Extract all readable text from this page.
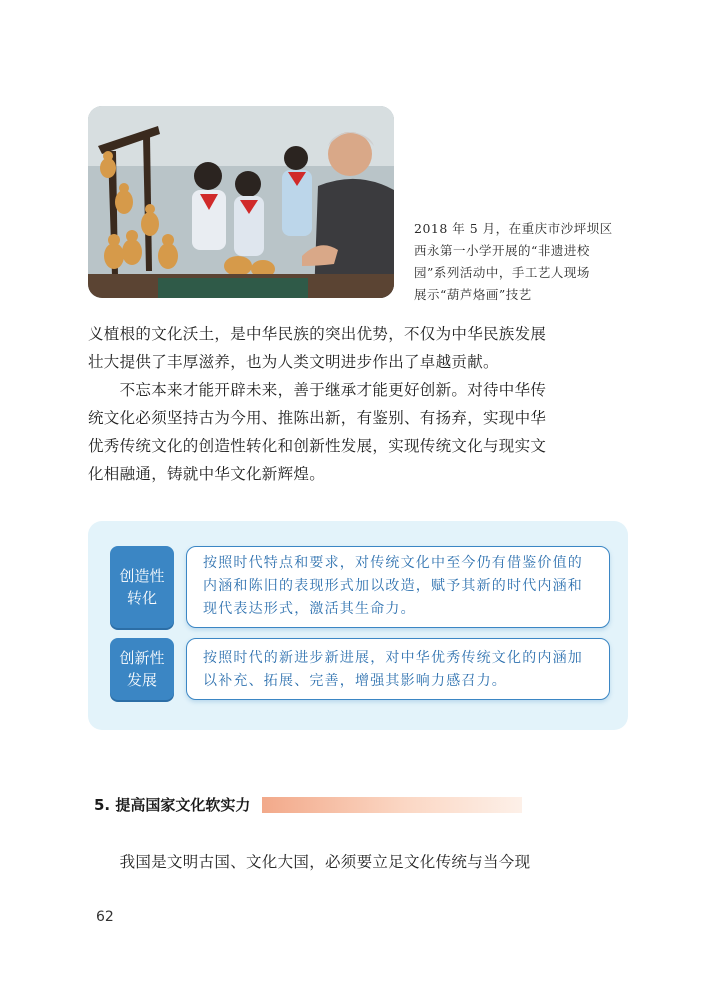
2018 年 5 月，在重庆市沙坪坝区
西永第一小学开展的“非遗进校
园”系列活动中，手工艺人现场
展示“葫芦烙画”技艺
义植根的文化沃土，是中华民族的突出优势，不仅为中华民族发展
壮大提供了丰厚滋养，也为人类文明进步作出了卓越贡献。
　　不忘本来才能开辟未来，善于继承才能更好创新。对待中华传
统文化必须坚持古为今用、推陈出新，有鉴别、有扬弃，实现中华
优秀传统文化的创造性转化和创新性发展，实现传统文化与现实文
化相融通，铸就中华文化新辉煌。
创造性
转化
按照时代特点和要求，对传统文化中至今仍有借鉴价值的
内涵和陈旧的表现形式加以改造，赋予其新的时代内涵和
现代表达形式，激活其生命力。
创新性
发展
按照时代的新进步新进展，对中华优秀传统文化的内涵加
以补充、拓展、完善，增强其影响力感召力。
5. 提高国家文化软实力
　　我国是文明古国、文化大国，必须要立足文化传统与当今现
62
